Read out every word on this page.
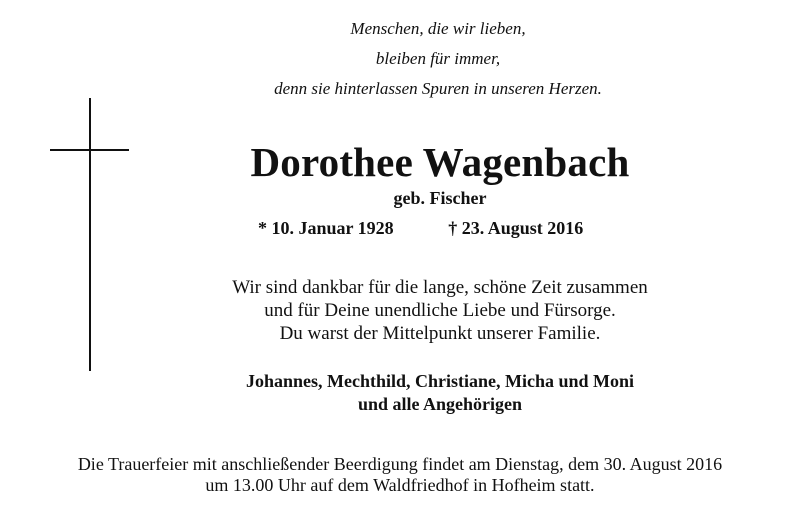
Menschen, die wir lieben,
bleiben für immer,
denn sie hinterlassen Spuren in unseren Herzen.
Dorothee Wagenbach
geb. Fischer
* 10. Januar 1928	† 23. August 2016
Wir sind dankbar für die lange, schöne Zeit zusammen
und für Deine unendliche Liebe und Fürsorge.
Du warst der Mittelpunkt unserer Familie.
Johannes, Mechthild, Christiane, Micha und Moni
und alle Angehörigen
Die Trauerfeier mit anschließender Beerdigung findet am Dienstag, dem 30. August 2016
um 13.00 Uhr auf dem Waldfriedhof in Hofheim statt.
